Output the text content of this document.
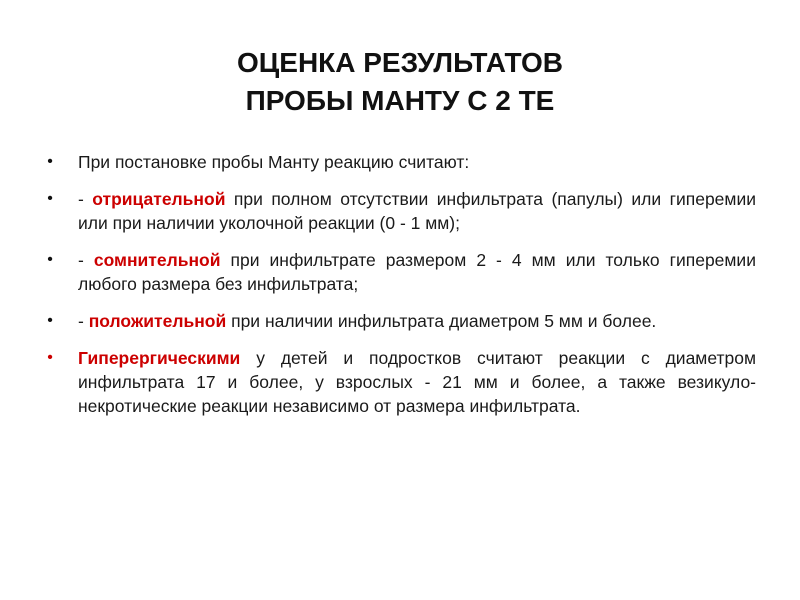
ОЦЕНКА РЕЗУЛЬТАТОВ
ПРОБЫ МАНТУ С 2 ТЕ
• При постановке пробы Манту реакцию считают:
• - отрицательной при полном отсутствии инфильтрата (папулы) или гиперемии или при наличии уколочной реакции (0 - 1 мм);
• - сомнительной при инфильтрате размером 2 - 4 мм или только гиперемии любого размера без инфильтрата;
• - положительной при наличии инфильтрата диаметром 5 мм и более.
• Гиперергическими у детей и подростков считают реакции с диаметром инфильтрата 17 и более, у взрослых - 21 мм и более, а также везикуло-некротические реакции независимо от размера инфильтрата.
